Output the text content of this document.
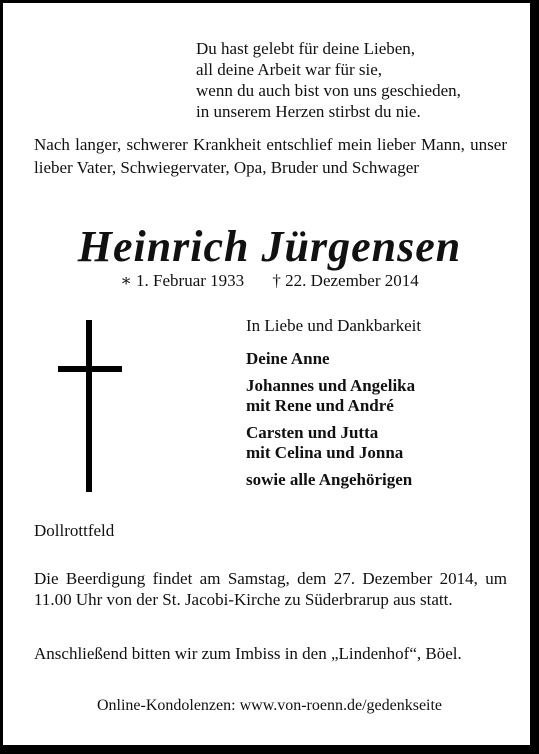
Du hast gelebt für deine Lieben,
all deine Arbeit war für sie,
wenn du auch bist von uns geschieden,
in unserem Herzen stirbst du nie.
Nach langer, schwerer Krankheit entschlief mein lieber Mann, unser lieber Vater, Schwiegervater, Opa, Bruder und Schwager
Heinrich Jürgensen
∗ 1. Februar 1933 † 22. Dezember 2014
In Liebe und Dankbarkeit
Deine Anne
Johannes und Angelika
mit Rene und André
Carsten und Jutta
mit Celina und Jonna
sowie alle Angehörigen
Dollrottfeld
Die Beerdigung findet am Samstag, dem 27. Dezember 2014, um 11.00 Uhr von der St. Jacobi-Kirche zu Süderbrarup aus statt.
Anschließend bitten wir zum Imbiss in den „Lindenhof“, Böel.
Online-Kondolenzen: www.von-roenn.de/gedenkseite
